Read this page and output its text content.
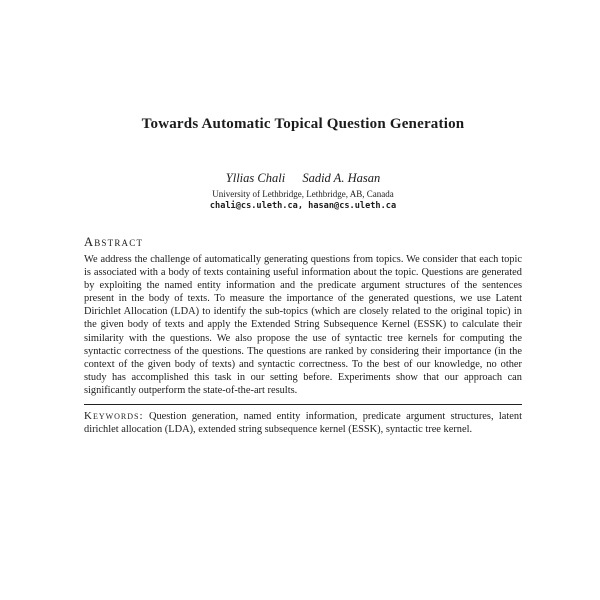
Towards Automatic Topical Question Generation
Yllias Chali Sadid A. Hasan
University of Lethbridge, Lethbridge, AB, Canada
chali@cs.uleth.ca, hasan@cs.uleth.ca
Abstract

We address the challenge of automatically generating questions from topics. We consider that each topic is associated with a body of texts containing useful information about the topic. Questions are generated by exploiting the named entity information and the predicate argument structures of the sentences present in the body of texts. To measure the importance of the generated questions, we use Latent Dirichlet Allocation (LDA) to identify the sub-topics (which are closely related to the original topic) in the given body of texts and apply the Extended String Subsequence Kernel (ESSK) to calculate their similarity with the questions. We also propose the use of syntactic tree kernels for computing the syntactic correctness of the questions. The questions are ranked by considering their importance (in the context of the given body of texts) and syntactic correctness. To the best of our knowledge, no other study has accomplished this task in our setting before. Experiments show that our approach can significantly outperform the state-of-the-art results.

Keywords: Question generation, named entity information, predicate argument structures, latent dirichlet allocation (LDA), extended string subsequence kernel (ESSK), syntactic tree kernel.
